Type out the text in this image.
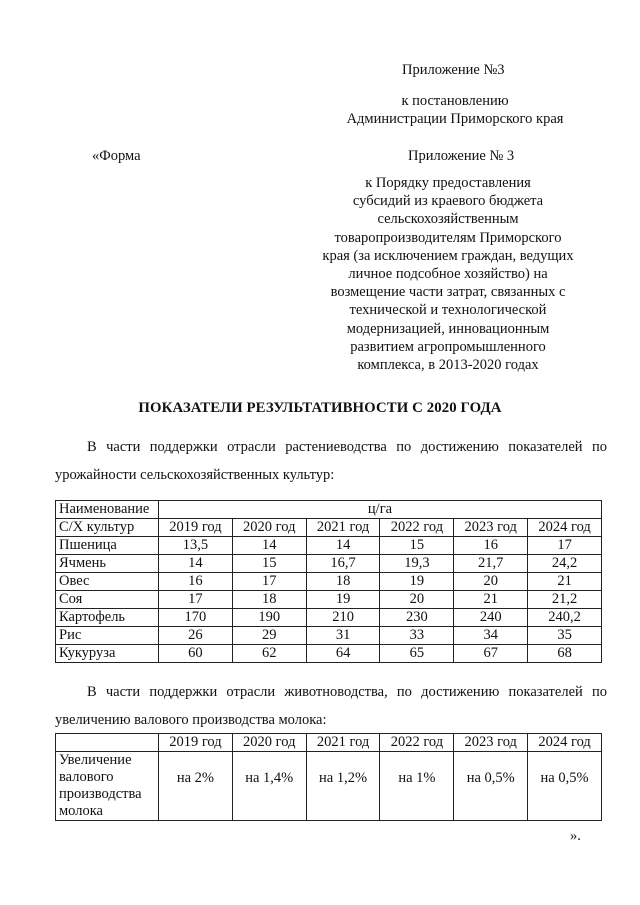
Приложение №3
к постановлению
Администрации Приморского края
«Форма	Приложение № 3
к Порядку предоставления
субсидий из краевого бюджета
сельскохозяйственным
товаропроизводителям Приморского
края (за исключением граждан, ведущих
личное подсобное хозяйство) на
возмещение части затрат, связанных с
технической и технологической
модернизацией, инновационным
развитием агропромышленного
комплекса, в 2013-2020 годах
ПОКАЗАТЕЛИ РЕЗУЛЬТАТИВНОСТИ С 2020 ГОДА
В части поддержки отрасли растениеводства по достижению показателей по урожайности сельскохозяйственных культур:
Наименование	ц/га					
С/Х культур	2019 год	2020 год	2021 год	2022 год	2023 год	2024 год
Пшеница	13,5	14	14	15	16	17
Ячмень	14	15	16,7	19,3	21,7	24,2
Овес	16	17	18	19	20	21
Соя	17	18	19	20	21	21,2
Картофель	170	190	210	230	240	240,2
Рис	26	29	31	33	34	35
Кукуруза	60	62	64	65	67	68
В части поддержки отрасли животноводства, по достижению показателей по увеличению валового производства молока:
	2019 год	2020 год	2021 год	2022 год	2023 год	2024 год

Увеличение
валового
производства
молока	на 2%	на 1,4%	на 1,2%	на 1%	на 0,5%	на 0,5%
».
